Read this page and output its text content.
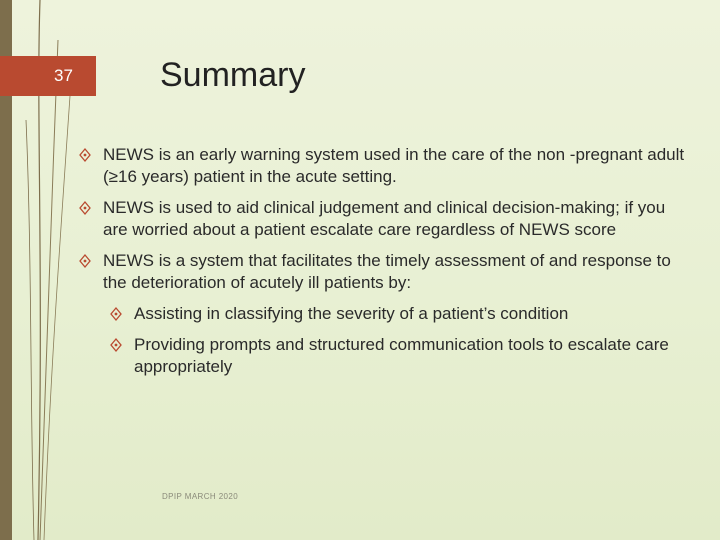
37	Summary
NEWS is an early warning system used in the care of the non -pregnant adult (≥16 years) patient in the acute setting.
NEWS is used to aid clinical judgement and clinical decision-making; if you are worried about a patient escalate care regardless of NEWS score
NEWS is a system that facilitates the timely assessment of and response to the deterioration of acutely ill patients by:
Assisting in classifying the severity of a patient’s condition
Providing prompts and structured communication tools to escalate care appropriately
DPIP MARCH 2020
